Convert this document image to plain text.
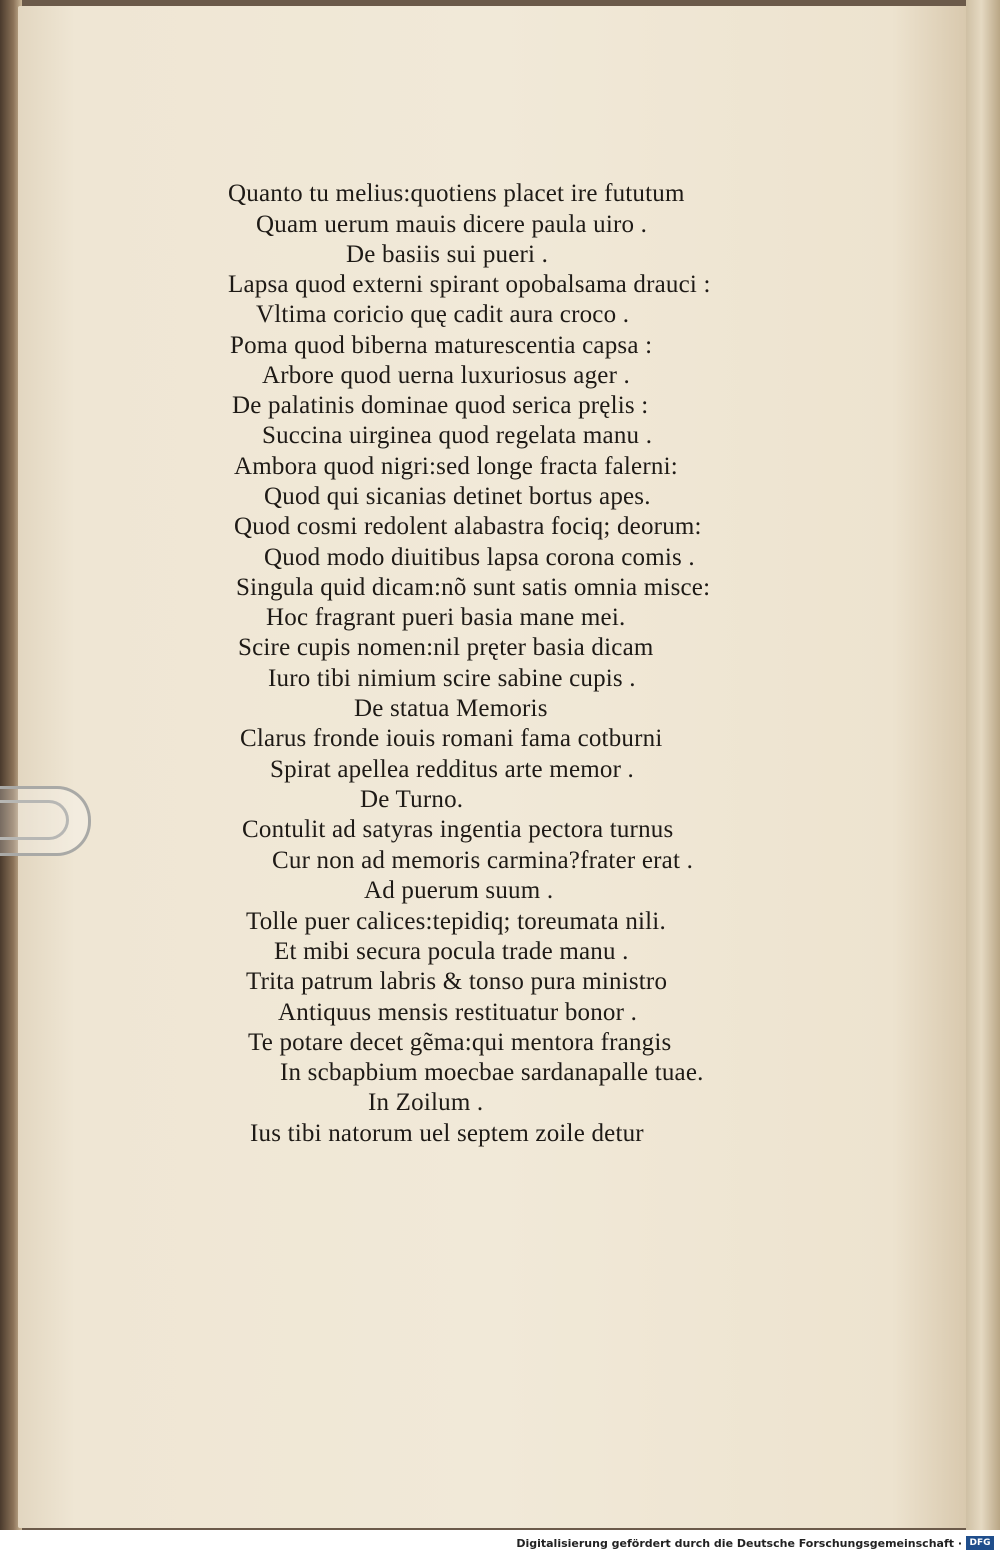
Quanto tu melius:quotiens placet ire fututum
Quam uerum mauis dicere paula uiro .
De basiis sui pueri .
Lapsa quod externi spirant opobalsama drauci :
Vltima coricio quę cadit aura croco .
Poma quod biberna maturescentia capsa :
Arbore quod uerna luxuriosus ager .
De palatinis dominae quod serica pręlis :
Succina uirginea quod regelata manu .
Ambora quod nigri:sed longe fracta falerni:
Quod qui sicanias detinet bortus apes.
Quod cosmi redolent alabastra fociq; deorum:
Quod modo diuitibus lapsa corona comis .
Singula quid dicam:nõ sunt satis omnia misce:
Hoc fragrant pueri basia mane mei.
Scire cupis nomen:nil pręter basia dicam
Iuro tibi nimium scire sabine cupis .
De statua Memoris
Clarus fronde iouis romani fama cotburni
Spirat apellea redditus arte memor .
De Turno.
Contulit ad satyras ingentia pectora turnus
Cur non ad memoris carmina?frater erat .
Ad puerum suum .
Tolle puer calices:tepidiq; toreumata nili.
Et mibi secura pocula trade manu .
Trita patrum labris & tonso pura ministro
Antiquus mensis restituatur bonor .
Te potare decet gẽma:qui mentora frangis
In scbapbium moecbae sardanapalle tuae.
In Zoilum .
Ius tibi natorum uel septem zoile detur
Digitalisierung gefördert durch die Deutsche Forschungsgemeinschaft · DFG
